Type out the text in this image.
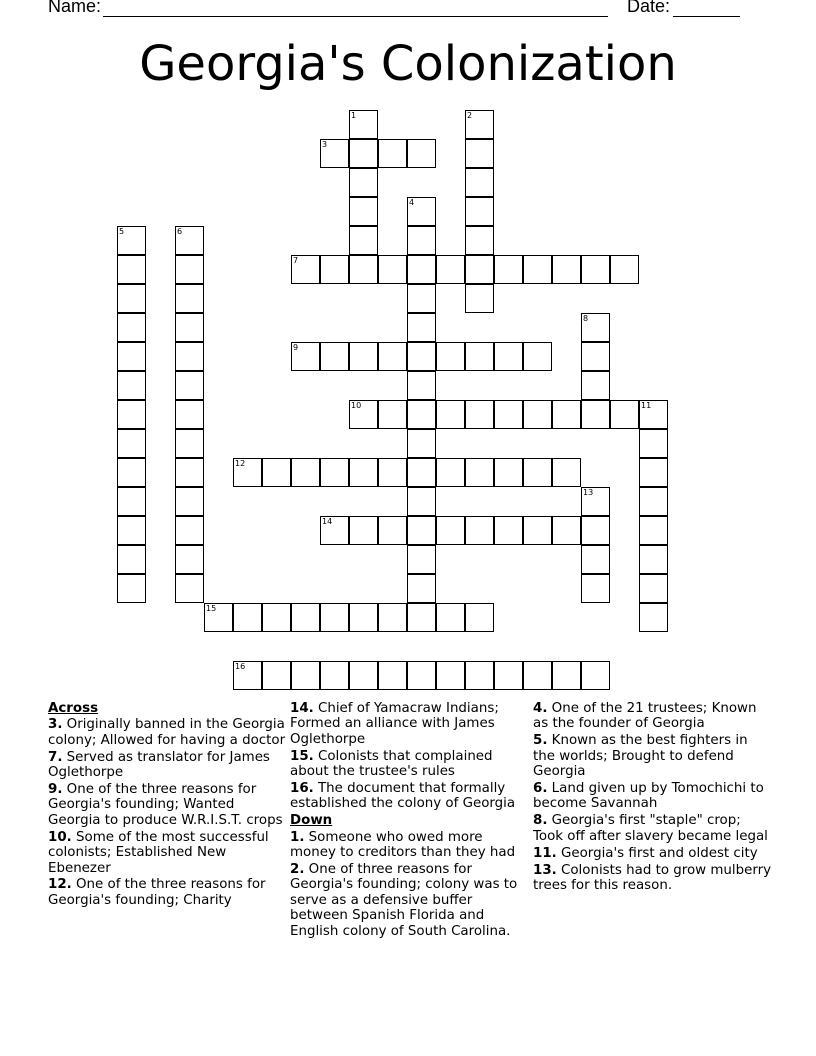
Name:	Date:
Georgia's Colonization
1	2
3
4
5	6
7
8
9
10	11
12
13
14
15
16
Across
3. Originally banned in the Georgia colony; Allowed for having a doctor
7. Served as translator for James Oglethorpe
9. One of the three reasons for Georgia's founding; Wanted Georgia to produce W.R.I.S.T. crops
10. Some of the most successful colonists; Established New Ebenezer
12. One of the three reasons for Georgia's founding; Charity
14. Chief of Yamacraw Indians; Formed an alliance with James Oglethorpe
15. Colonists that complained about the trustee's rules
16. The document that formally established the colony of Georgia
Down
1. Someone who owed more money to creditors than they had
2. One of three reasons for Georgia's founding; colony was to serve as a defensive buffer between Spanish Florida and English colony of South Carolina.
4. One of the 21 trustees; Known as the founder of Georgia
5. Known as the best fighters in the worlds; Brought to defend Georgia
6. Land given up by Tomochichi to become Savannah
8. Georgia's first "staple" crop; Took off after slavery became legal
11. Georgia's first and oldest city
13. Colonists had to grow mulberry trees for this reason.
